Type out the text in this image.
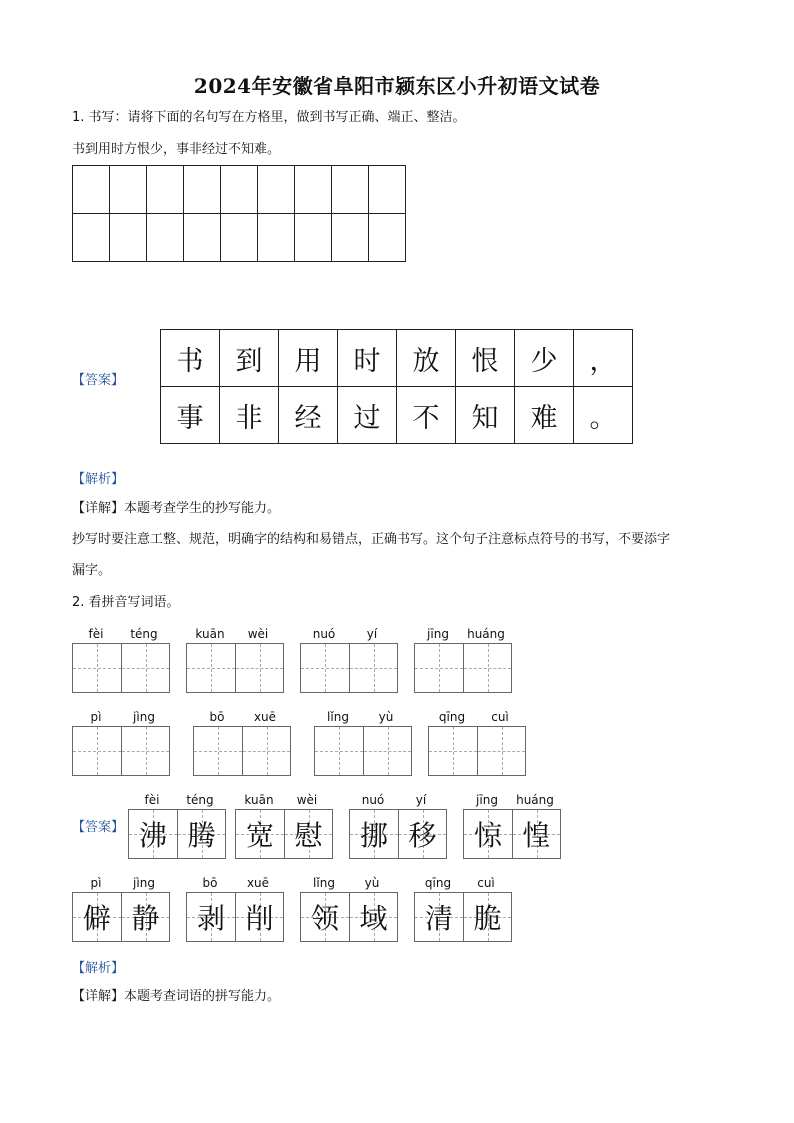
2024年安徽省阜阳市颍东区小升初语文试卷
1. 书写：请将下面的名句写在方格里，做到书写正确、端正、整洁。
书到用时方恨少，事非经过不知难。

【答案】
书	到	用	时	放	恨	少	，
事	非	经	过	不	知	难	。
【解析】
【详解】本题考查学生的抄写能力。
抄写时要注意工整、规范，明确字的结构和易错点，正确书写。这个句子注意标点符号的书写，不要添字
漏字。
2. 看拼音写词语。
fèi	téng	kuān	wèi	nuó	yí	jīng	huáng
pì	jìng	bō	xuē	lǐng	yù	qīng	cuì
【答案】
fèi	téng
沸 腾
kuān	wèi
宽 慰
nuó	yí
挪 移
jīng	huáng
惊 惶
pì	jìng
僻 静
bō	xuē
剥 削
lǐng	yù
领 域
qīng	cuì
清 脆
【解析】
【详解】本题考查词语的拼写能力。
